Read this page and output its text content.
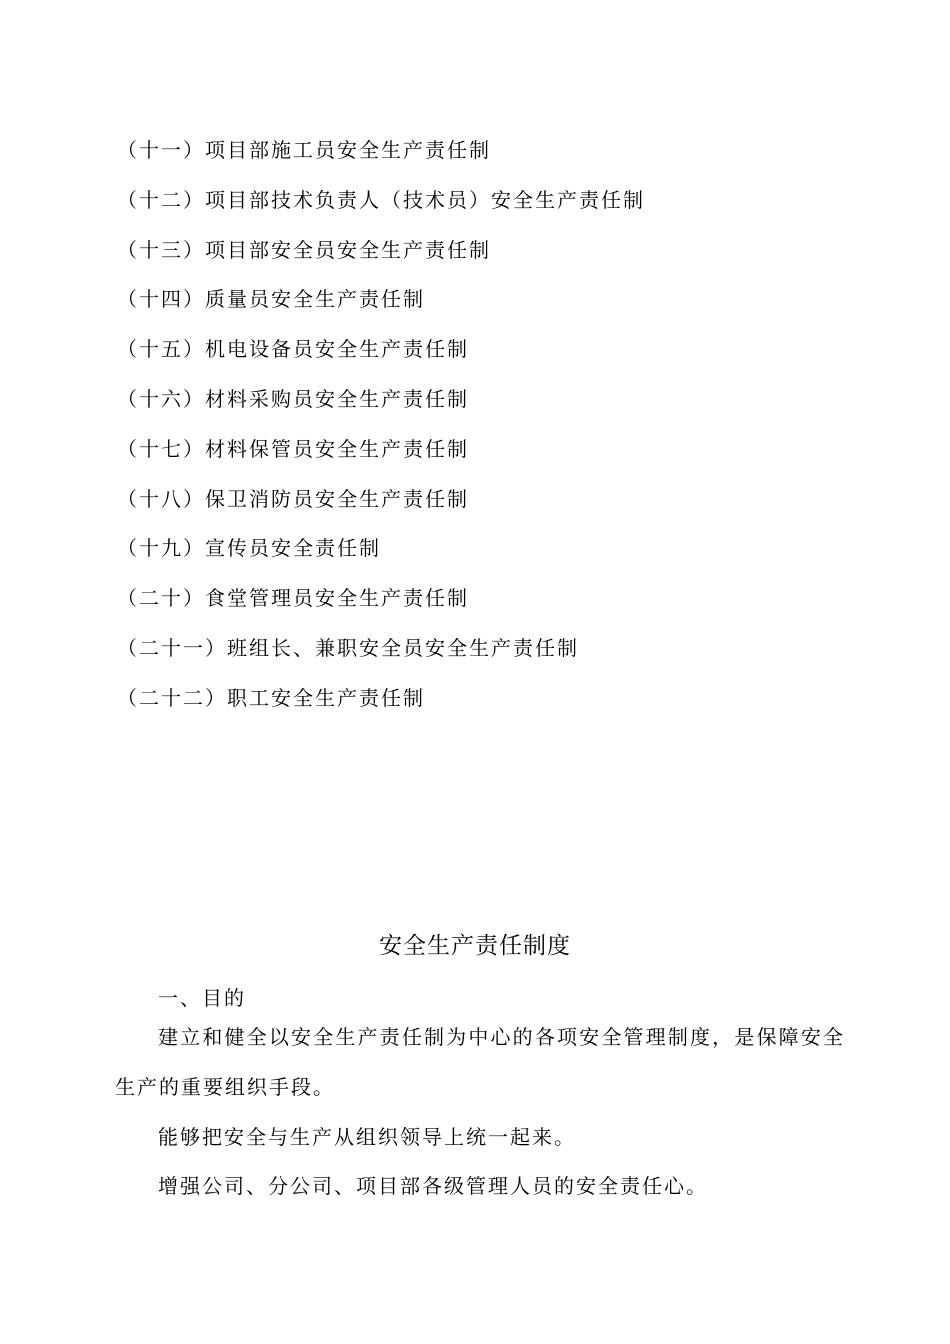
（十一）项目部施工员安全生产责任制
（十二）项目部技术负责人（技术员）安全生产责任制
（十三）项目部安全员安全生产责任制
（十四）质量员安全生产责任制
（十五）机电设备员安全生产责任制
（十六）材料采购员安全生产责任制
（十七）材料保管员安全生产责任制
（十八）保卫消防员安全生产责任制
（十九）宣传员安全责任制
（二十）食堂管理员安全生产责任制
（二十一）班组长、兼职安全员安全生产责任制
（二十二）职工安全生产责任制
安全生产责任制度
一、目的
建立和健全以安全生产责任制为中心的各项安全管理制度，是保障安全生产的重要组织手段。
能够把安全与生产从组织领导上统一起来。
增强公司、分公司、项目部各级管理人员的安全责任心。
